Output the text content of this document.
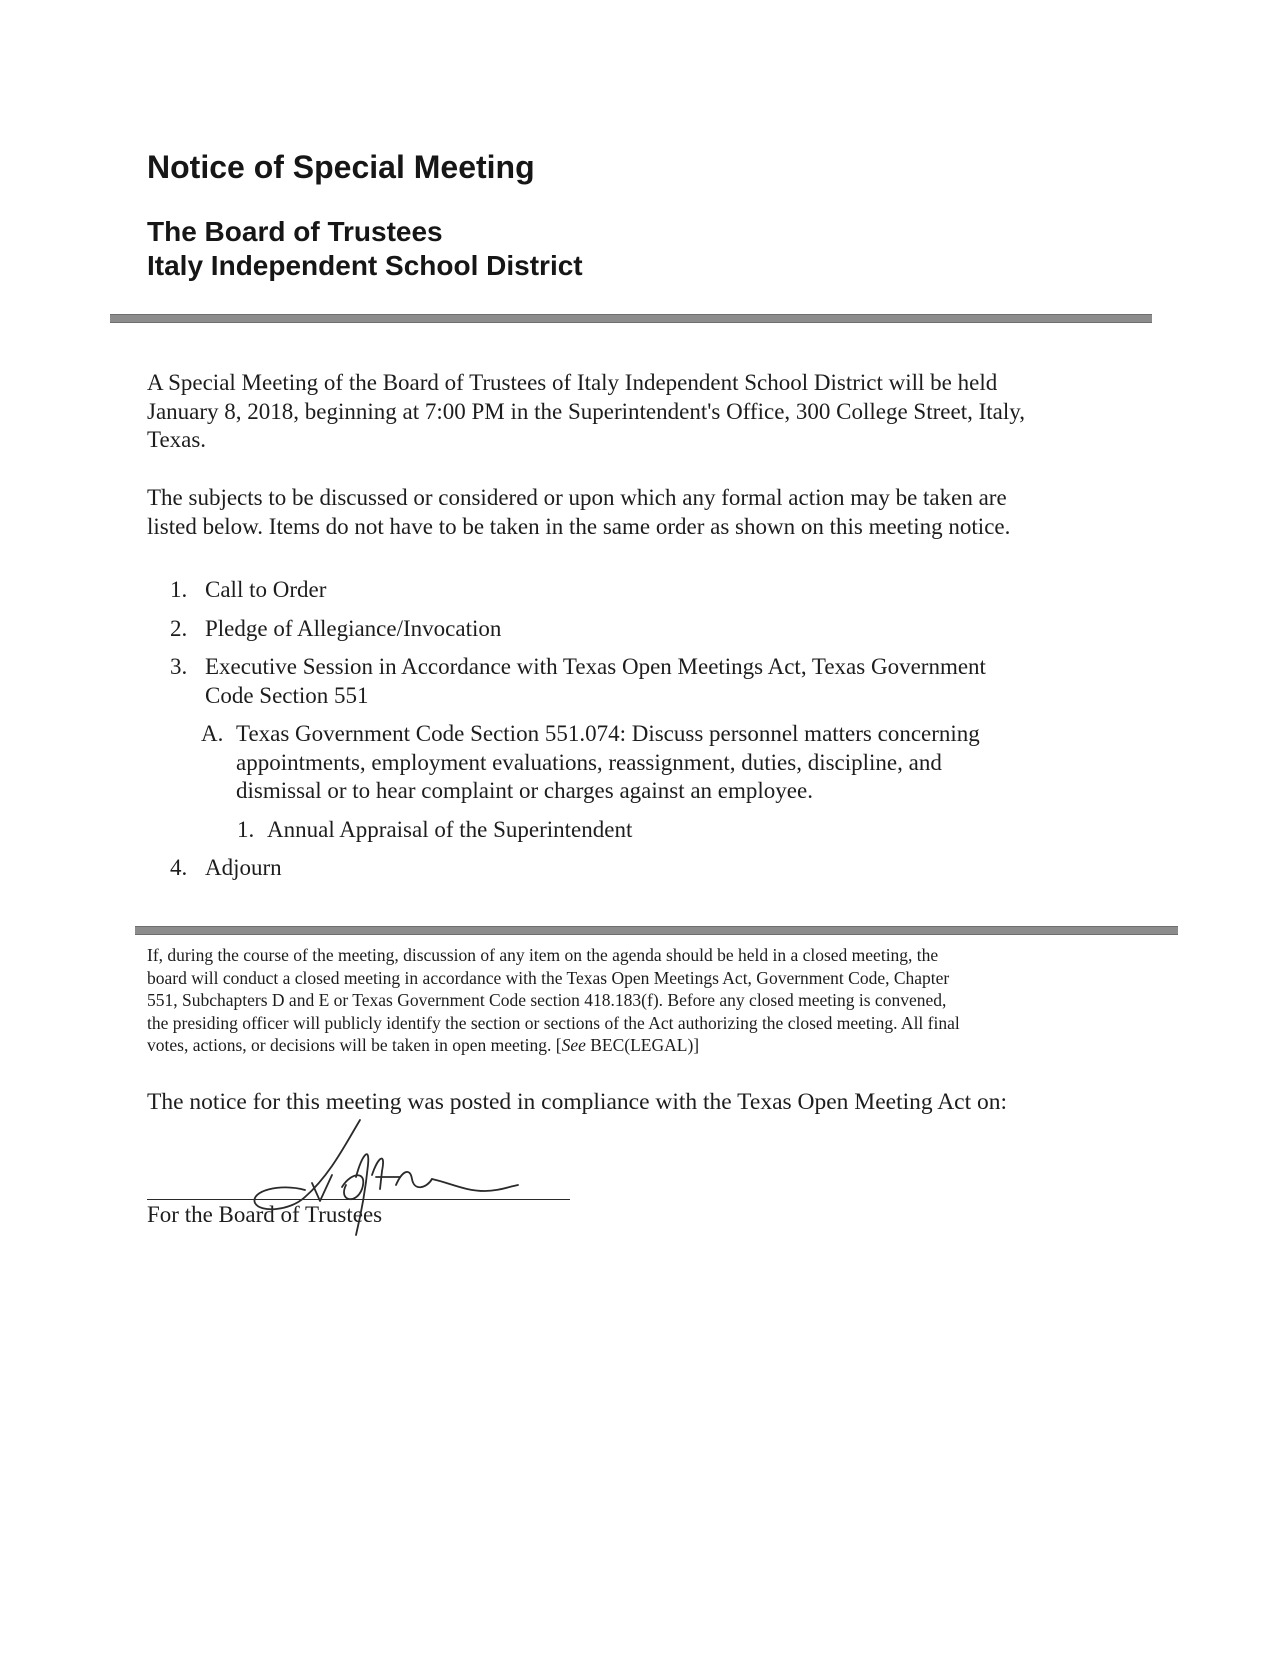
Notice of Special Meeting
The Board of Trustees
Italy Independent School District

A Special Meeting of the Board of Trustees of Italy Independent School District will be held
January 8, 2018, beginning at 7:00 PM in the Superintendent's Office, 300 College Street, Italy,
Texas.

The subjects to be discussed or considered or upon which any formal action may be taken are
listed below. Items do not have to be taken in the same order as shown on this meeting notice.

1. Call to Order
2. Pledge of Allegiance/Invocation
3. Executive Session in Accordance with Texas Open Meetings Act, Texas Government
Code Section 551
A. Texas Government Code Section 551.074: Discuss personnel matters concerning
appointments, employment evaluations, reassignment, duties, discipline, and
dismissal or to hear complaint or charges against an employee.
1. Annual Appraisal of the Superintendent
4. Adjourn

If, during the course of the meeting, discussion of any item on the agenda should be held in a closed meeting, the
board will conduct a closed meeting in accordance with the Texas Open Meetings Act, Government Code, Chapter
551, Subchapters D and E or Texas Government Code section 418.183(f). Before any closed meeting is convened,
the presiding officer will publicly identify the section or sections of the Act authorizing the closed meeting. All final
votes, actions, or decisions will be taken in open meeting. [See BEC(LEGAL)]

The notice for this meeting was posted in compliance with the Texas Open Meeting Act on:

For the Board of Trustees
